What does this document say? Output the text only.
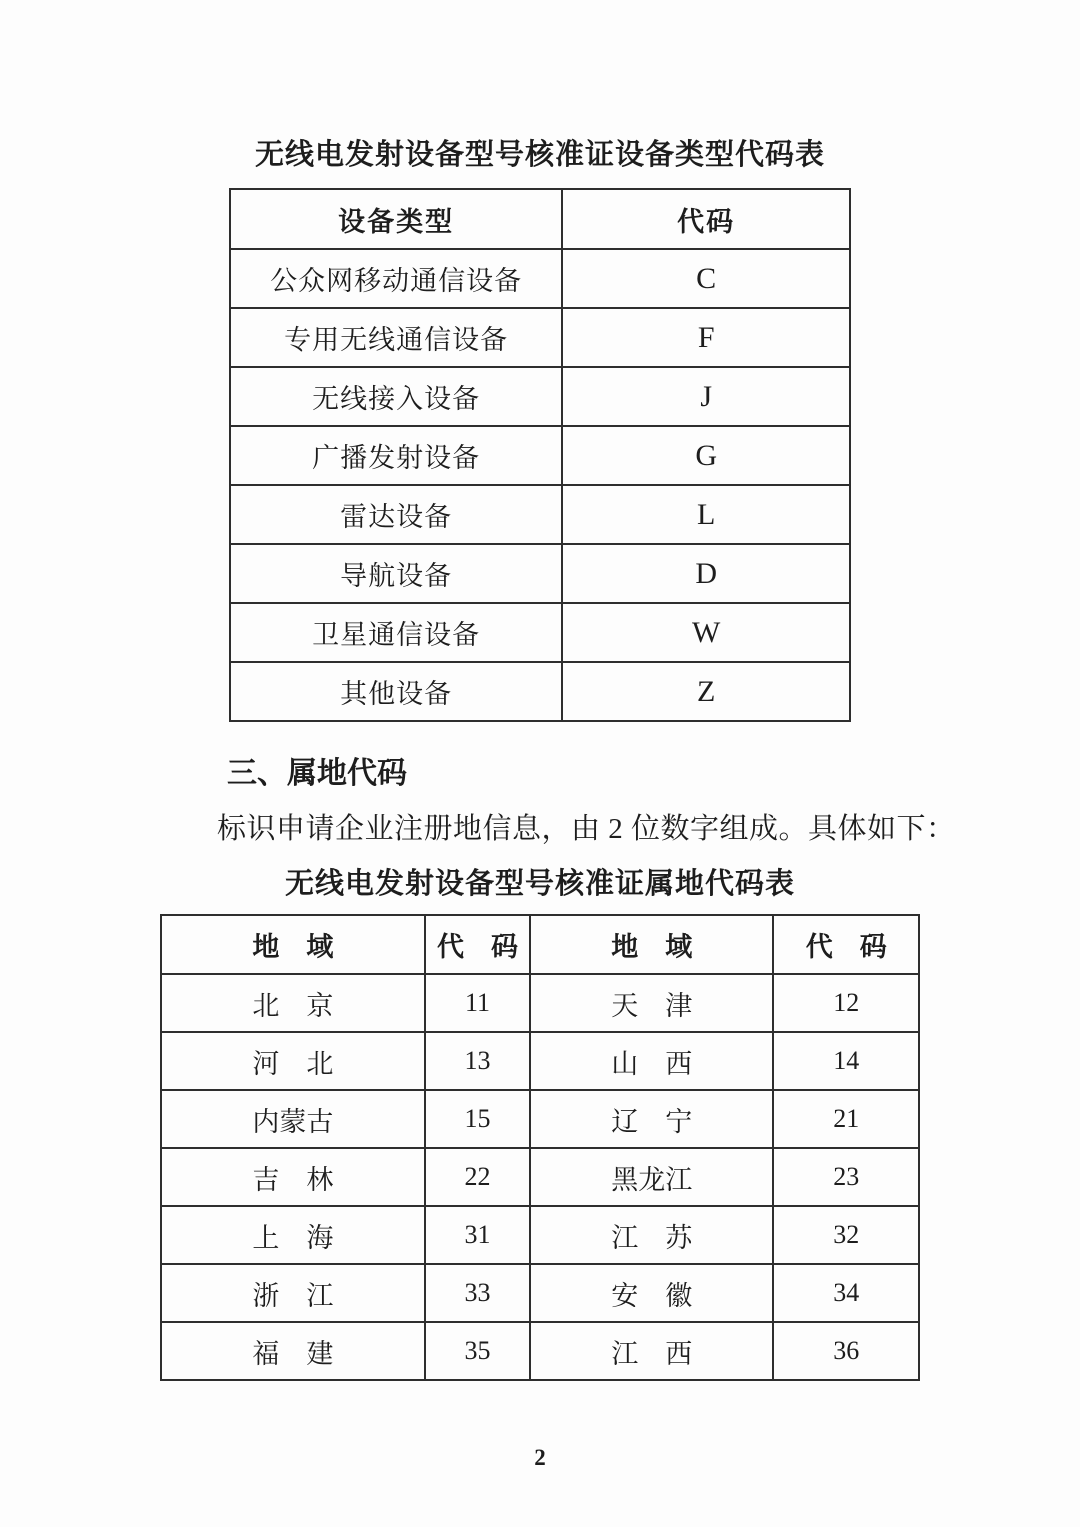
无线电发射设备型号核准证设备类型代码表
设备类型	代码
公众网移动通信设备	C
专用无线通信设备	F
无线接入设备	J
广播发射设备	G
雷达设备	L
导航设备	D
卫星通信设备	W
其他设备	Z
三、属地代码

标识申请企业注册地信息，由 2 位数字组成。具体如下：

无线电发射设备型号核准证属地代码表
地　域	代　码	地　域	代　码
北　京	11	天　津	12
河　北	13	山　西	14
内蒙古	15	辽　宁	21
吉　林	22	黑龙江	23
上　海	31	江　苏	32
浙　江	33	安　徽	34
福　建	35	江　西	36
2
